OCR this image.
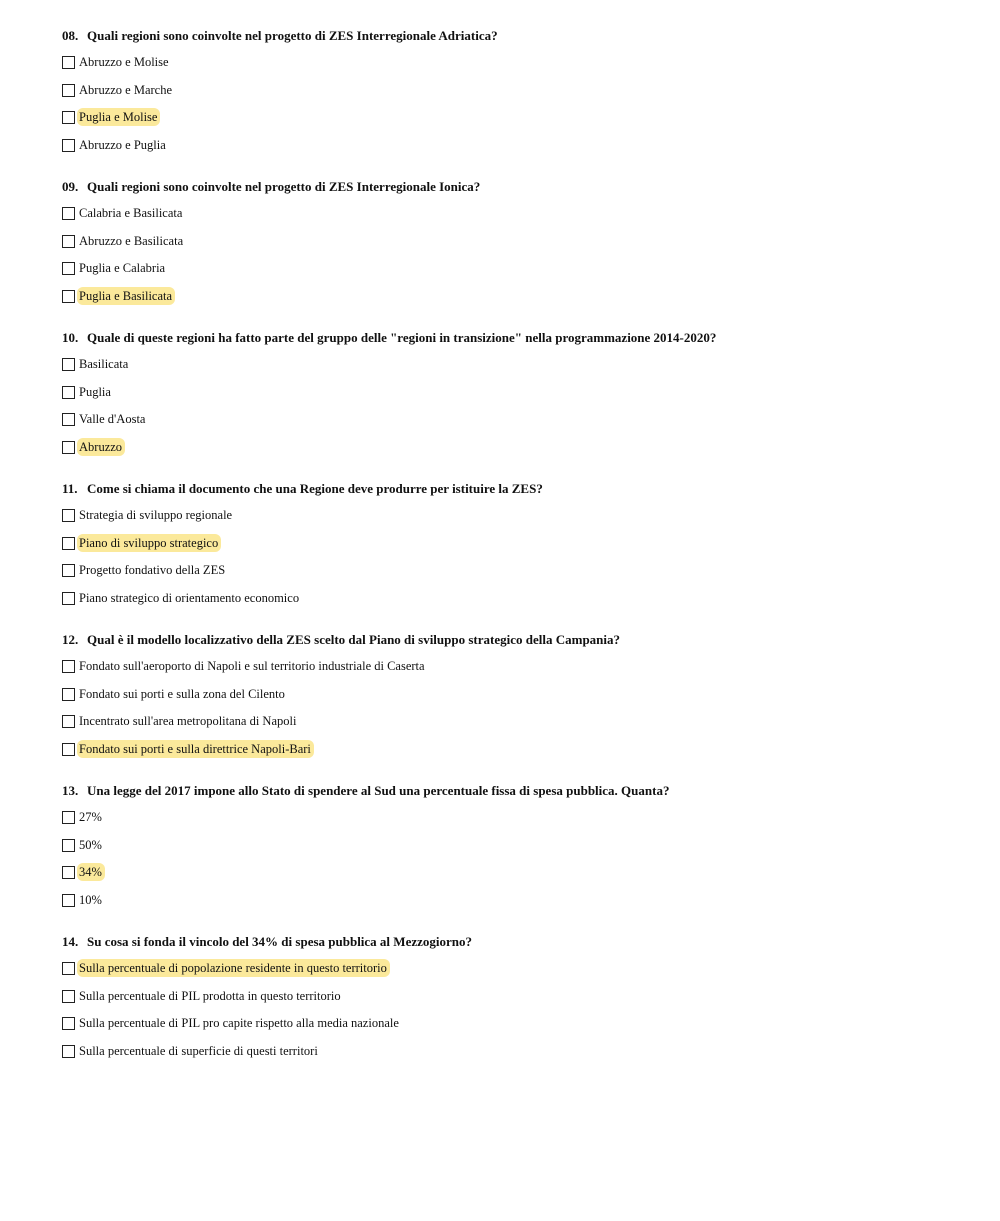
08. Quali regioni sono coinvolte nel progetto di ZES Interregionale Adriatica?

Abruzzo e Molise
Abruzzo e Marche
Puglia e Molise
Abruzzo e Puglia

09. Quali regioni sono coinvolte nel progetto di ZES Interregionale Ionica?

Calabria e Basilicata
Abruzzo e Basilicata
Puglia e Calabria
Puglia e Basilicata

10. Quale di queste regioni ha fatto parte del gruppo delle "regioni in transizione" nella programmazione 2014-2020?

Basilicata
Puglia
Valle d'Aosta
Abruzzo

11. Come si chiama il documento che una Regione deve produrre per istituire la ZES?

Strategia di sviluppo regionale
Piano di sviluppo strategico
Progetto fondativo della ZES
Piano strategico di orientamento economico

12. Qual è il modello localizzativo della ZES scelto dal Piano di sviluppo strategico della Campania?

Fondato sull'aeroporto di Napoli e sul territorio industriale di Caserta
Fondato sui porti e sulla zona del Cilento
Incentrato sull'area metropolitana di Napoli
Fondato sui porti e sulla direttrice Napoli-Bari

13. Una legge del 2017 impone allo Stato di spendere al Sud una percentuale fissa di spesa pubblica. Quanta?

27%
50%
34%
10%

14. Su cosa si fonda il vincolo del 34% di spesa pubblica al Mezzogiorno?

Sulla percentuale di popolazione residente in questo territorio
Sulla percentuale di PIL prodotta in questo territorio
Sulla percentuale di PIL pro capite rispetto alla media nazionale
Sulla percentuale di superficie di questi territori
